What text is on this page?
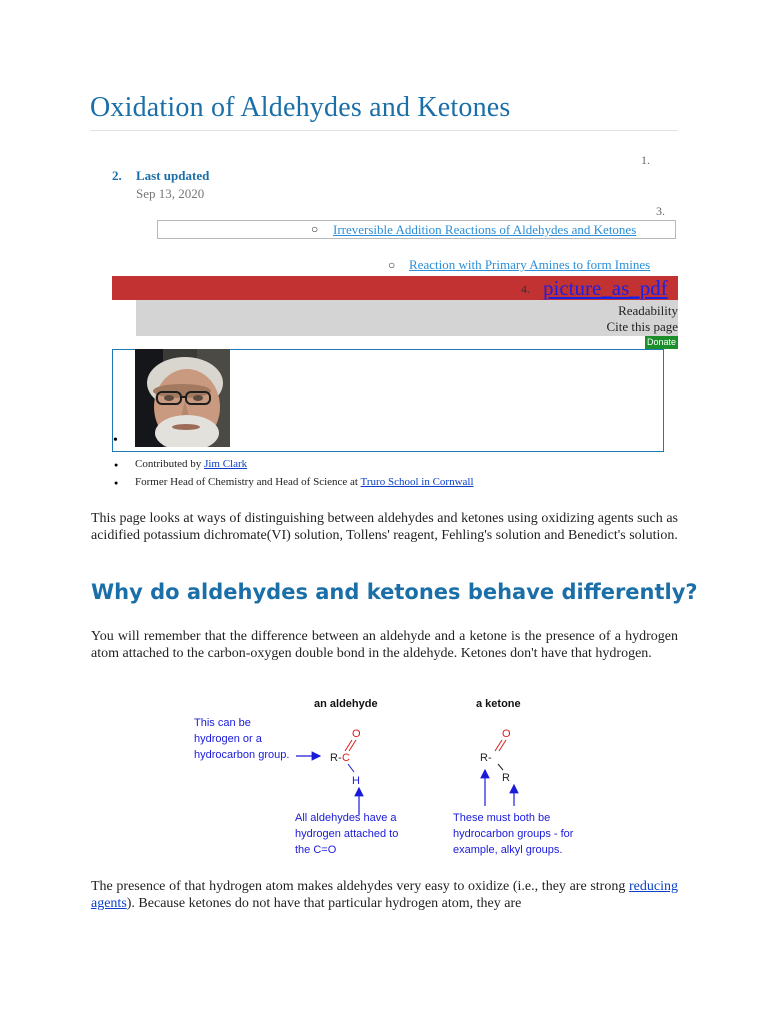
Oxidation of Aldehydes and Ketones
1.
2. Last updated
Sep 13, 2020
3.
○ Irreversible Addition Reactions of Aldehydes and Ketones
○ Reaction with Primary Amines to form Imines
4. picture_as_pdf
Readability
Cite this page
Donate
•
● Contributed by Jim Clark
● Former Head of Chemistry and Head of Science at Truro School in Cornwall

This page looks at ways of distinguishing between aldehydes and ketones using oxidizing agents such as acidified potassium dichromate(VI) solution, Tollens' reagent, Fehling's solution and Benedict's solution.

Why do aldehydes and ketones behave differently?

You will remember that the difference between an aldehyde and a ketone is the presence of a hydrogen atom attached to the carbon-oxygen double bond in the aldehyde. Ketones don't have that hydrogen.

an aldehyde	a ketone
This can be
hydrogen or a
hydrocarbon group.
O
R- C
H
All aldehydes have a
hydrogen attached to
the C=O
O
R-
R
These must both be
hydrocarbon groups - for
example, alkyl groups.

The presence of that hydrogen atom makes aldehydes very easy to oxidize (i.e., they are strong reducing agents). Because ketones do not have that particular hydrogen atom, they are
